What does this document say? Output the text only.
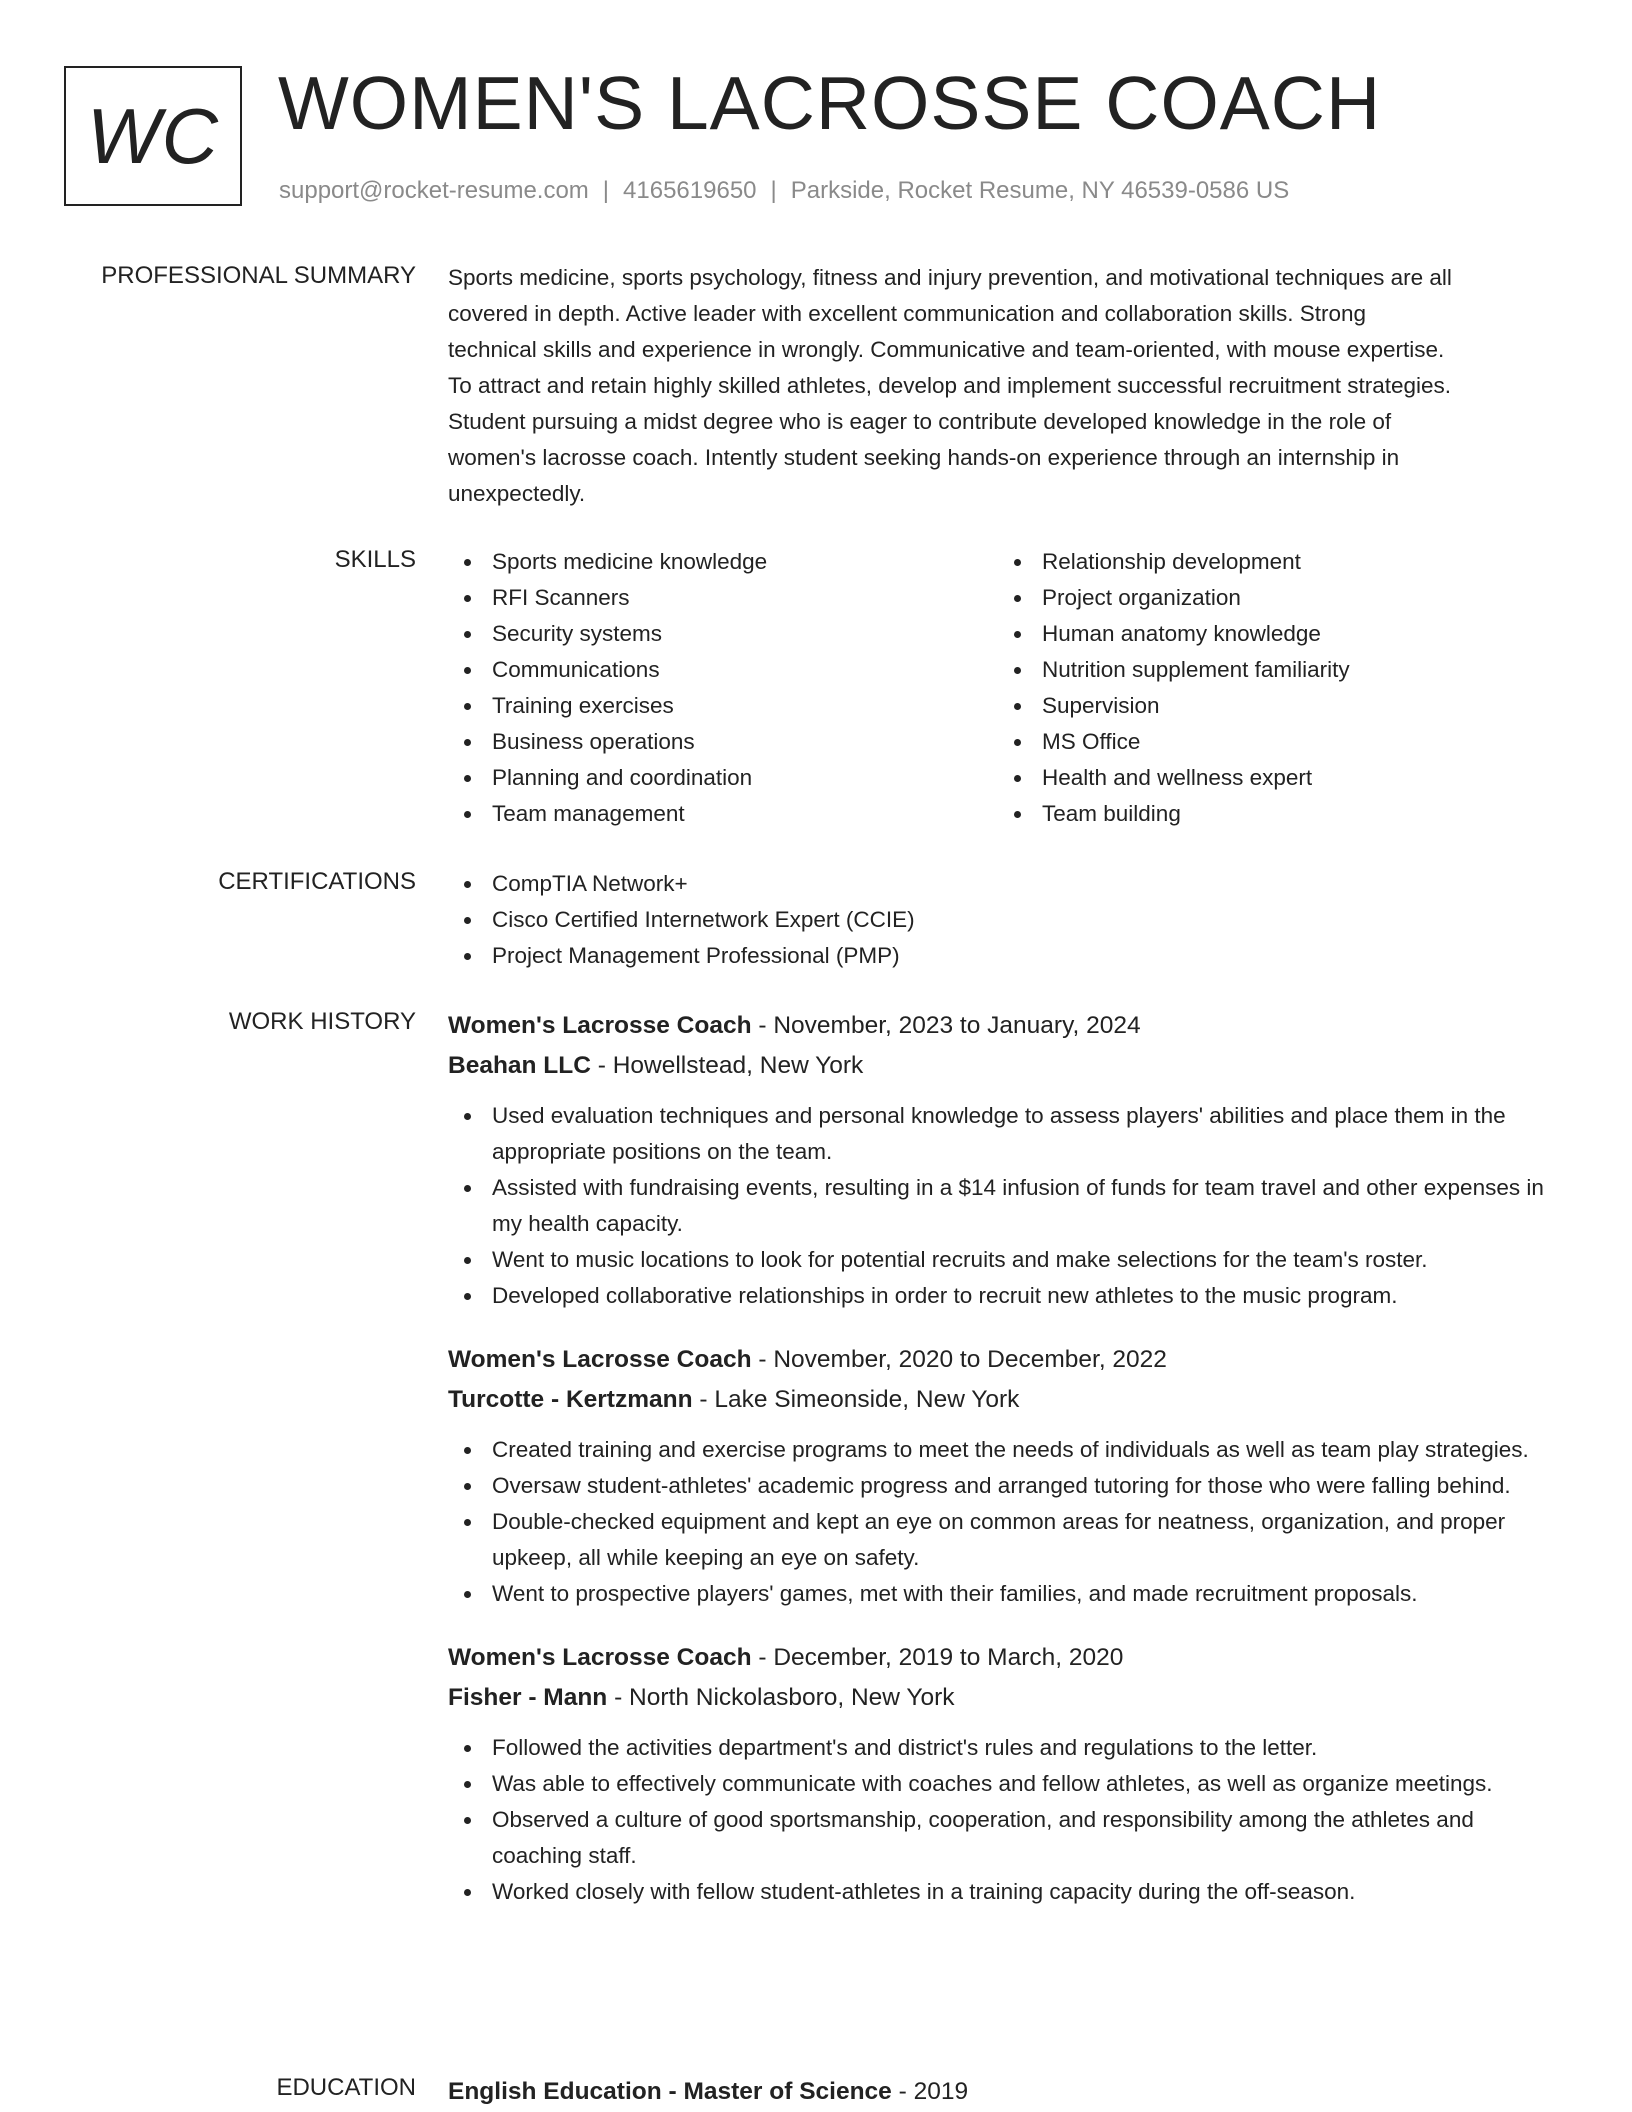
WC WOMEN'S LACROSSE COACH
support@rocket-resume.com | 4165619650 | Parkside, Rocket Resume, NY 46539-0586 US
PROFESSIONAL SUMMARY Sports medicine, sports psychology, fitness and injury prevention, and motivational techniques are all

covered in depth. Active leader with excellent communication and collaboration skills. Strong

technical skills and experience in wrongly. Communicative and team-oriented, with mouse expertise.

To attract and retain highly skilled athletes, develop and implement successful recruitment strategies.

Student pursuing a midst degree who is eager to contribute developed knowledge in the role of

women's lacrosse coach. Intently student seeking hands-on experience through an internship in

unexpectedly.

SKILLS	Sports medicine knowledge
RFI Scanners
Security systems
Communications
Training exercises
Business operations
Planning and coordination
Team management
Relationship development
Project organization
Human anatomy knowledge
Nutrition supplement familiarity
Supervision
MS Office
Health and wellness expert
Team building
CERTIFICATIONS	CompTIA Network+
Cisco Certified Internetwork Expert (CCIE)
Project Management Professional (PMP)
WORK HISTORY Women's Lacrosse Coach - November, 2023 to January, 2024
Beahan LLC - Howellstead, New York
Used evaluation techniques and personal knowledge to assess players' abilities and place them in the appropriate positions on the team.
Assisted with fundraising events, resulting in a $14 infusion of funds for team travel and other expenses in my health capacity.
Went to music locations to look for potential recruits and make selections for the team's roster.
Developed collaborative relationships in order to recruit new athletes to the music program.
Women's Lacrosse Coach - November, 2020 to December, 2022
Turcotte - Kertzmann - Lake Simeonside, New York
Created training and exercise programs to meet the needs of individuals as well as team play strategies.
Oversaw student-athletes' academic progress and arranged tutoring for those who were falling behind.
Double-checked equipment and kept an eye on common areas for neatness, organization, and proper upkeep, all while keeping an eye on safety.
Went to prospective players' games, met with their families, and made recruitment proposals.
Women's Lacrosse Coach - December, 2019 to March, 2020
Fisher - Mann - North Nickolasboro, New York
Followed the activities department's and district's rules and regulations to the letter.
Was able to effectively communicate with coaches and fellow athletes, as well as organize meetings.
Observed a culture of good sportsmanship, cooperation, and responsibility among the athletes and coaching staff.
Worked closely with fellow student-athletes in a training capacity during the off-season.
EDUCATION English Education - Master of Science - 2019
